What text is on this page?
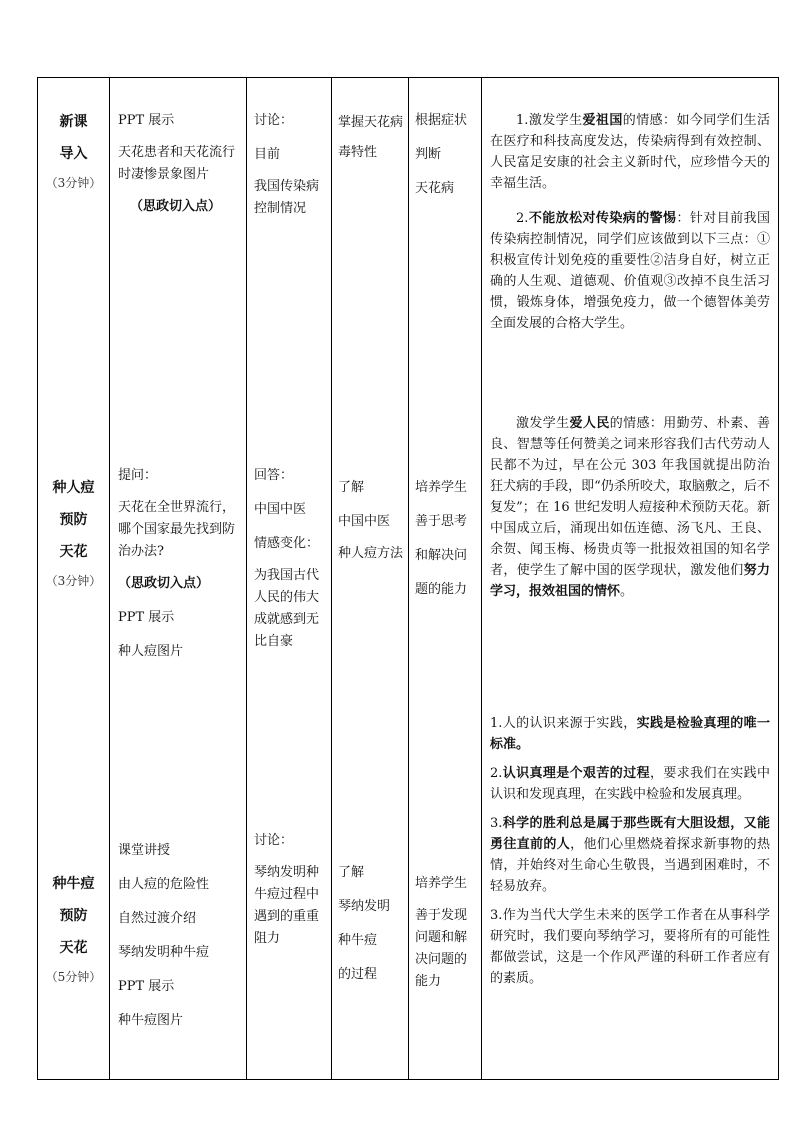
新课

导入

（3分钟）

PPT 展示

天花患者和天花流行时凄惨景象图片

（思政切入点）

讨论：

目前

我国传染病控制情况

掌握天花病毒特性

根据症状

判断

天花病

1.激发学生爱祖国的情感：如今同学们生活在医疗和科技高度发达，传染病得到有效控制、人民富足安康的社会主义新时代，应珍惜今天的幸福生活。

2.不能放松对传染病的警惕：针对目前我国传染病控制情况，同学们应该做到以下三点：①积极宣传计划免疫的重要性②洁身自好，树立正确的人生观、道德观、价值观③改掉不良生活习惯，锻炼身体，增强免疫力，做一个德智体美劳全面发展的合格大学生。

种人痘

预防

天花

（3分钟）

提问：

天花在全世界流行，哪个国家最先找到防治办法?

（思政切入点）

PPT 展示

种人痘图片

回答：

中国中医

情感变化：

为我国古代人民的伟大成就感到无比自豪

了解

中国中医

种人痘方法

培养学生

善于思考

和解决问

题的能力

激发学生爱人民的情感：用勤劳、朴素、善良、智慧等任何赞美之词来形容我们古代劳动人民都不为过，早在公元 303 年我国就提出防治狂犬病的手段，即“仍杀所咬犬，取脑敷之，后不复发”；在 16 世纪发明人痘接种术预防天花。新中国成立后，涌现出如伍连德、汤飞凡、王良、余贺、闻玉梅、杨贵贞等一批报效祖国的知名学者，使学生了解中国的医学现状，激发他们努力学习，报效祖国的情怀。

种牛痘

预防

天花

（5分钟）

课堂讲授

由人痘的危险性

自然过渡介绍

琴纳发明种牛痘

PPT 展示

种牛痘图片

讨论：

琴纳发明种牛痘过程中遇到的重重阻力

了解

琴纳发明

种牛痘

的过程

培养学生

善于发现问题和解决问题的能力

1.人的认识来源于实践，实践是检验真理的唯一标准。

2.认识真理是个艰苦的过程，要求我们在实践中认识和发现真理，在实践中检验和发展真理。

3.科学的胜利总是属于那些既有大胆设想，又能勇往直前的人，他们心里燃烧着探求新事物的热情，并始终对生命心生敬畏，当遇到困难时，不轻易放弃。

3.作为当代大学生未来的医学工作者在从事科学研究时，我们要向琴纳学习，要将所有的可能性都做尝试，这是一个作风严谨的科研工作者应有的素质。
